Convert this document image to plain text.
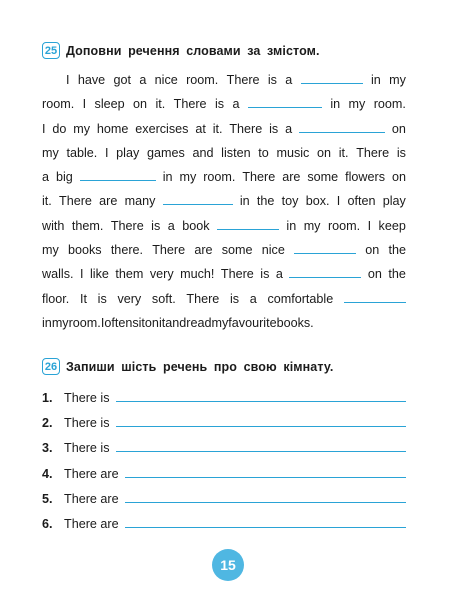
25 Доповни речення словами за змістом.
I have got a nice room. There is a	in my
room. I sleep on it. There is a	in my room.
I do my home exercises at it. There is a	on
my table. I play games and listen to music on it. There is
a big	in my room. There are some flowers on
it. There are many	in the toy box. I often play
with them. There is a book	in my room. I keep
my books there. There are some nice	on the
walls. I like them very much! There is a	on the
floor. It is very soft. There is a comfortable
in my room. I often sit on it and read my favourite books.
26 Запиши шість речень про свою кімнату.
1. There is
2. There is
3. There is
4. There are
5. There are
6. There are
15
